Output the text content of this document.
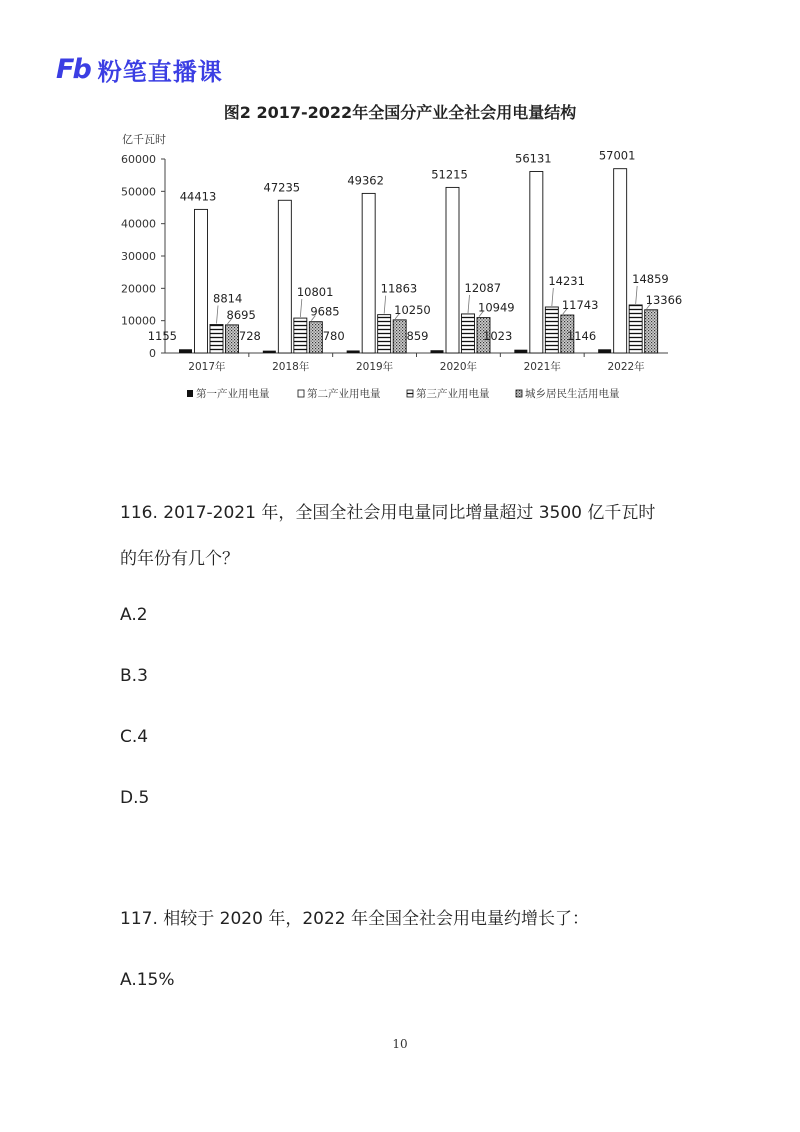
Fb 粉笔直播课
图2 2017-2022年全国分产业全社会用电量结构
亿千瓦时
0
10000
20000
30000
40000
50000
60000
1155
44413
8814
8695
2017年
728
47235
10801
9685
2018年
780
49362
11863
10250
2019年
859
51215
12087
10949
2020年
1023
56131
14231
11743
2021年
1146
57001
14859
13366
2022年
第一产业用电量	第二产业用电量	第三产业用电量	城乡居民生活用电量
116. 2017-2021 年，全国全社会用电量同比增量超过 3500 亿千瓦时
的年份有几个？
A.2
B.3
C.4
D.5
117. 相较于 2020 年，2022 年全国全社会用电量约增长了：
A.15%
10
